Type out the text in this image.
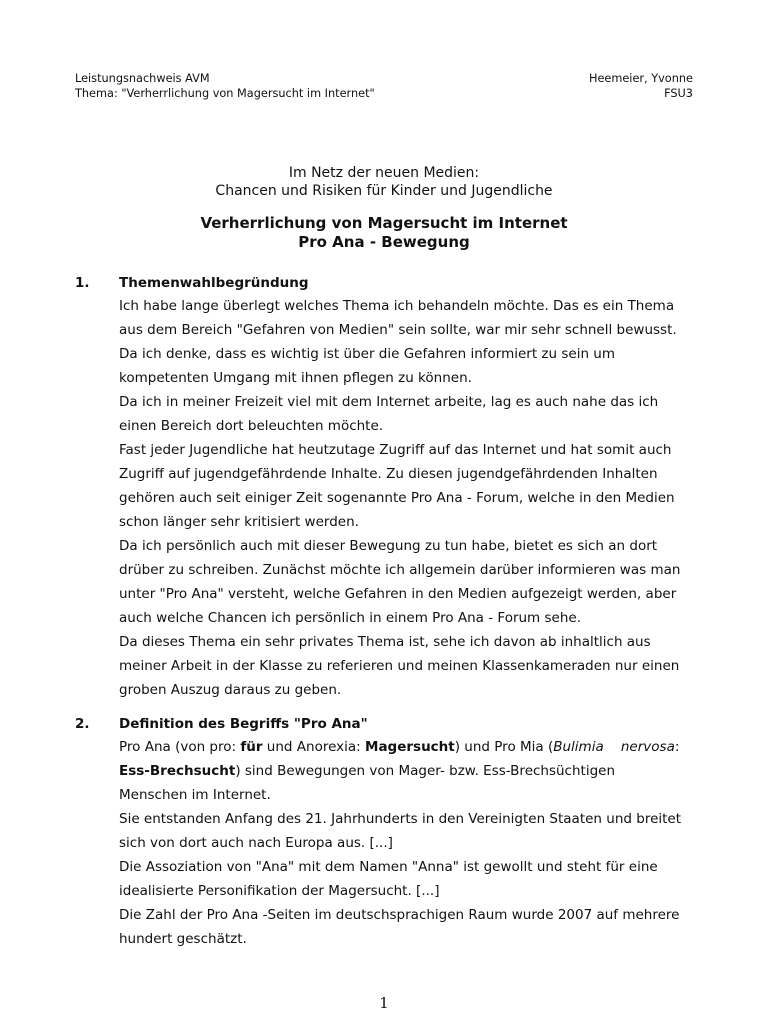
Leistungsnachweis AVM
Thema: "Verherrlichung von Magersucht im Internet"
Heemeier, Yvonne
FSU3
Im Netz der neuen Medien:
Chancen und Risiken für Kinder und Jugendliche
Verherrlichung von Magersucht im Internet
Pro Ana - Bewegung
1. Themenwahlbegründung
Ich habe lange überlegt welches Thema ich behandeln möchte. Das es ein Thema
aus dem Bereich "Gefahren von Medien" sein sollte, war mir sehr schnell bewusst.
Da ich denke, dass es wichtig ist über die Gefahren informiert zu sein um
kompetenten Umgang mit ihnen pflegen zu können.
Da ich in meiner Freizeit viel mit dem Internet arbeite, lag es auch nahe das ich
einen Bereich dort beleuchten möchte.
Fast jeder Jugendliche hat heutzutage Zugriff auf das Internet und hat somit auch
Zugriff auf jugendgefährdende Inhalte. Zu diesen jugendgefährdenden Inhalten
gehören auch seit einiger Zeit sogenannte Pro Ana - Forum, welche in den Medien
schon länger sehr kritisiert werden.
Da ich persönlich auch mit dieser Bewegung zu tun habe, bietet es sich an dort
drüber zu schreiben. Zunächst möchte ich allgemein darüber informieren was man
unter "Pro Ana" versteht, welche Gefahren in den Medien aufgezeigt werden, aber
auch welche Chancen ich persönlich in einem Pro Ana - Forum sehe.
Da dieses Thema ein sehr privates Thema ist, sehe ich davon ab inhaltlich aus
meiner Arbeit in der Klasse zu referieren und meinen Klassenkameraden nur einen
groben Auszug daraus zu geben.
2. Definition des Begriffs "Pro Ana"
Pro Ana (von pro: für und Anorexia: Magersucht) und Pro Mia (Bulimia    nervosa:
Ess-Brechsucht) sind Bewegungen von Mager- bzw. Ess-Brechsüchtigen
Menschen im Internet.
Sie entstanden Anfang des 21. Jahrhunderts in den Vereinigten Staaten und breitet
sich von dort auch nach Europa aus. [...]
Die Assoziation von "Ana" mit dem Namen "Anna" ist gewollt und steht für eine
idealisierte Personifikation der Magersucht. [...]
Die Zahl der Pro Ana -Seiten im deutschsprachigen Raum wurde 2007 auf mehrere
hundert geschätzt.
1
